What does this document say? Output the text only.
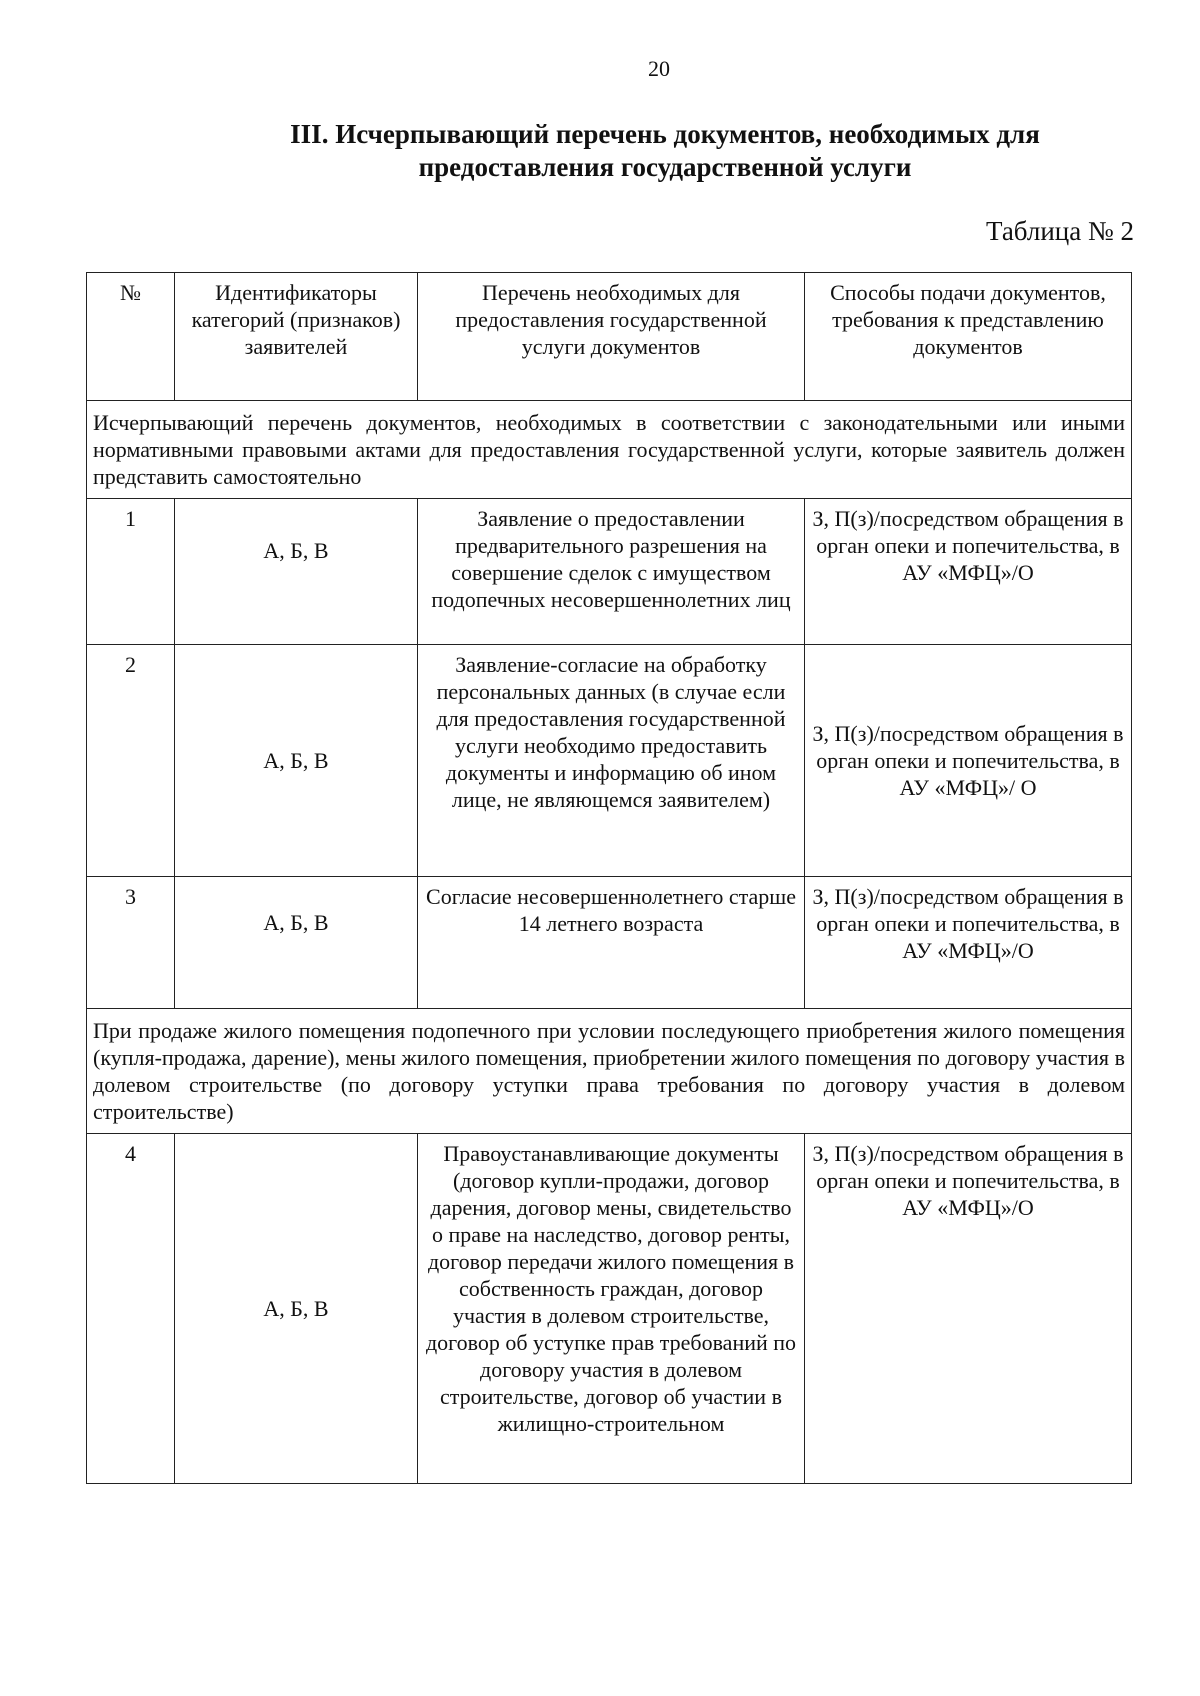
20
III. Исчерпывающий перечень документов, необходимых для
предоставления государственной услуги
Таблица № 2
№	Идентификаторы категорий (признаков) заявителей	Перечень необходимых для предоставления государственной услуги документов	Способы подачи документов, требования к представлению документов
Исчерпывающий перечень документов, необходимых в соответствии с законодательными или иными нормативными правовыми актами для предоставления государственной услуги, которые заявитель должен представить самостоятельно			
1	А, Б, В	Заявление о предоставлении предварительного разрешения на совершение сделок с имуществом подопечных несовершеннолетних лиц	З, П(з)/посредством обращения в орган опеки и попечительства, в АУ «МФЦ»/О
2	А, Б, В	Заявление-согласие на обработку персональных данных (в случае если для предоставления государственной услуги необходимо предоставить документы и информацию об ином лице, не являющемся заявителем)	З, П(з)/посредством обращения в орган опеки и попечительства, в АУ «МФЦ»/ О
3	А, Б, В	Согласие несовершеннолетнего старше 14 летнего возраста	З, П(з)/посредством обращения в орган опеки и попечительства, в АУ «МФЦ»/О
При продаже жилого помещения подопечного при условии последующего приобретения жилого помещения (купля-продажа, дарение), мены жилого помещения, приобретении жилого помещения по договору участия в долевом строительстве (по договору уступки права требования по договору участия в долевом строительстве)			
4	А, Б, В	Правоустанавливающие документы (договор купли-продажи, договор дарения, договор мены, свидетельство о праве на наследство, договор ренты, договор передачи жилого помещения в собственность граждан, договор участия в долевом строительстве, договор об уступке прав требований по договору участия в долевом строительстве, договор об участии в жилищно-строительном	З, П(з)/посредством обращения в орган опеки и попечительства, в АУ «МФЦ»/О
